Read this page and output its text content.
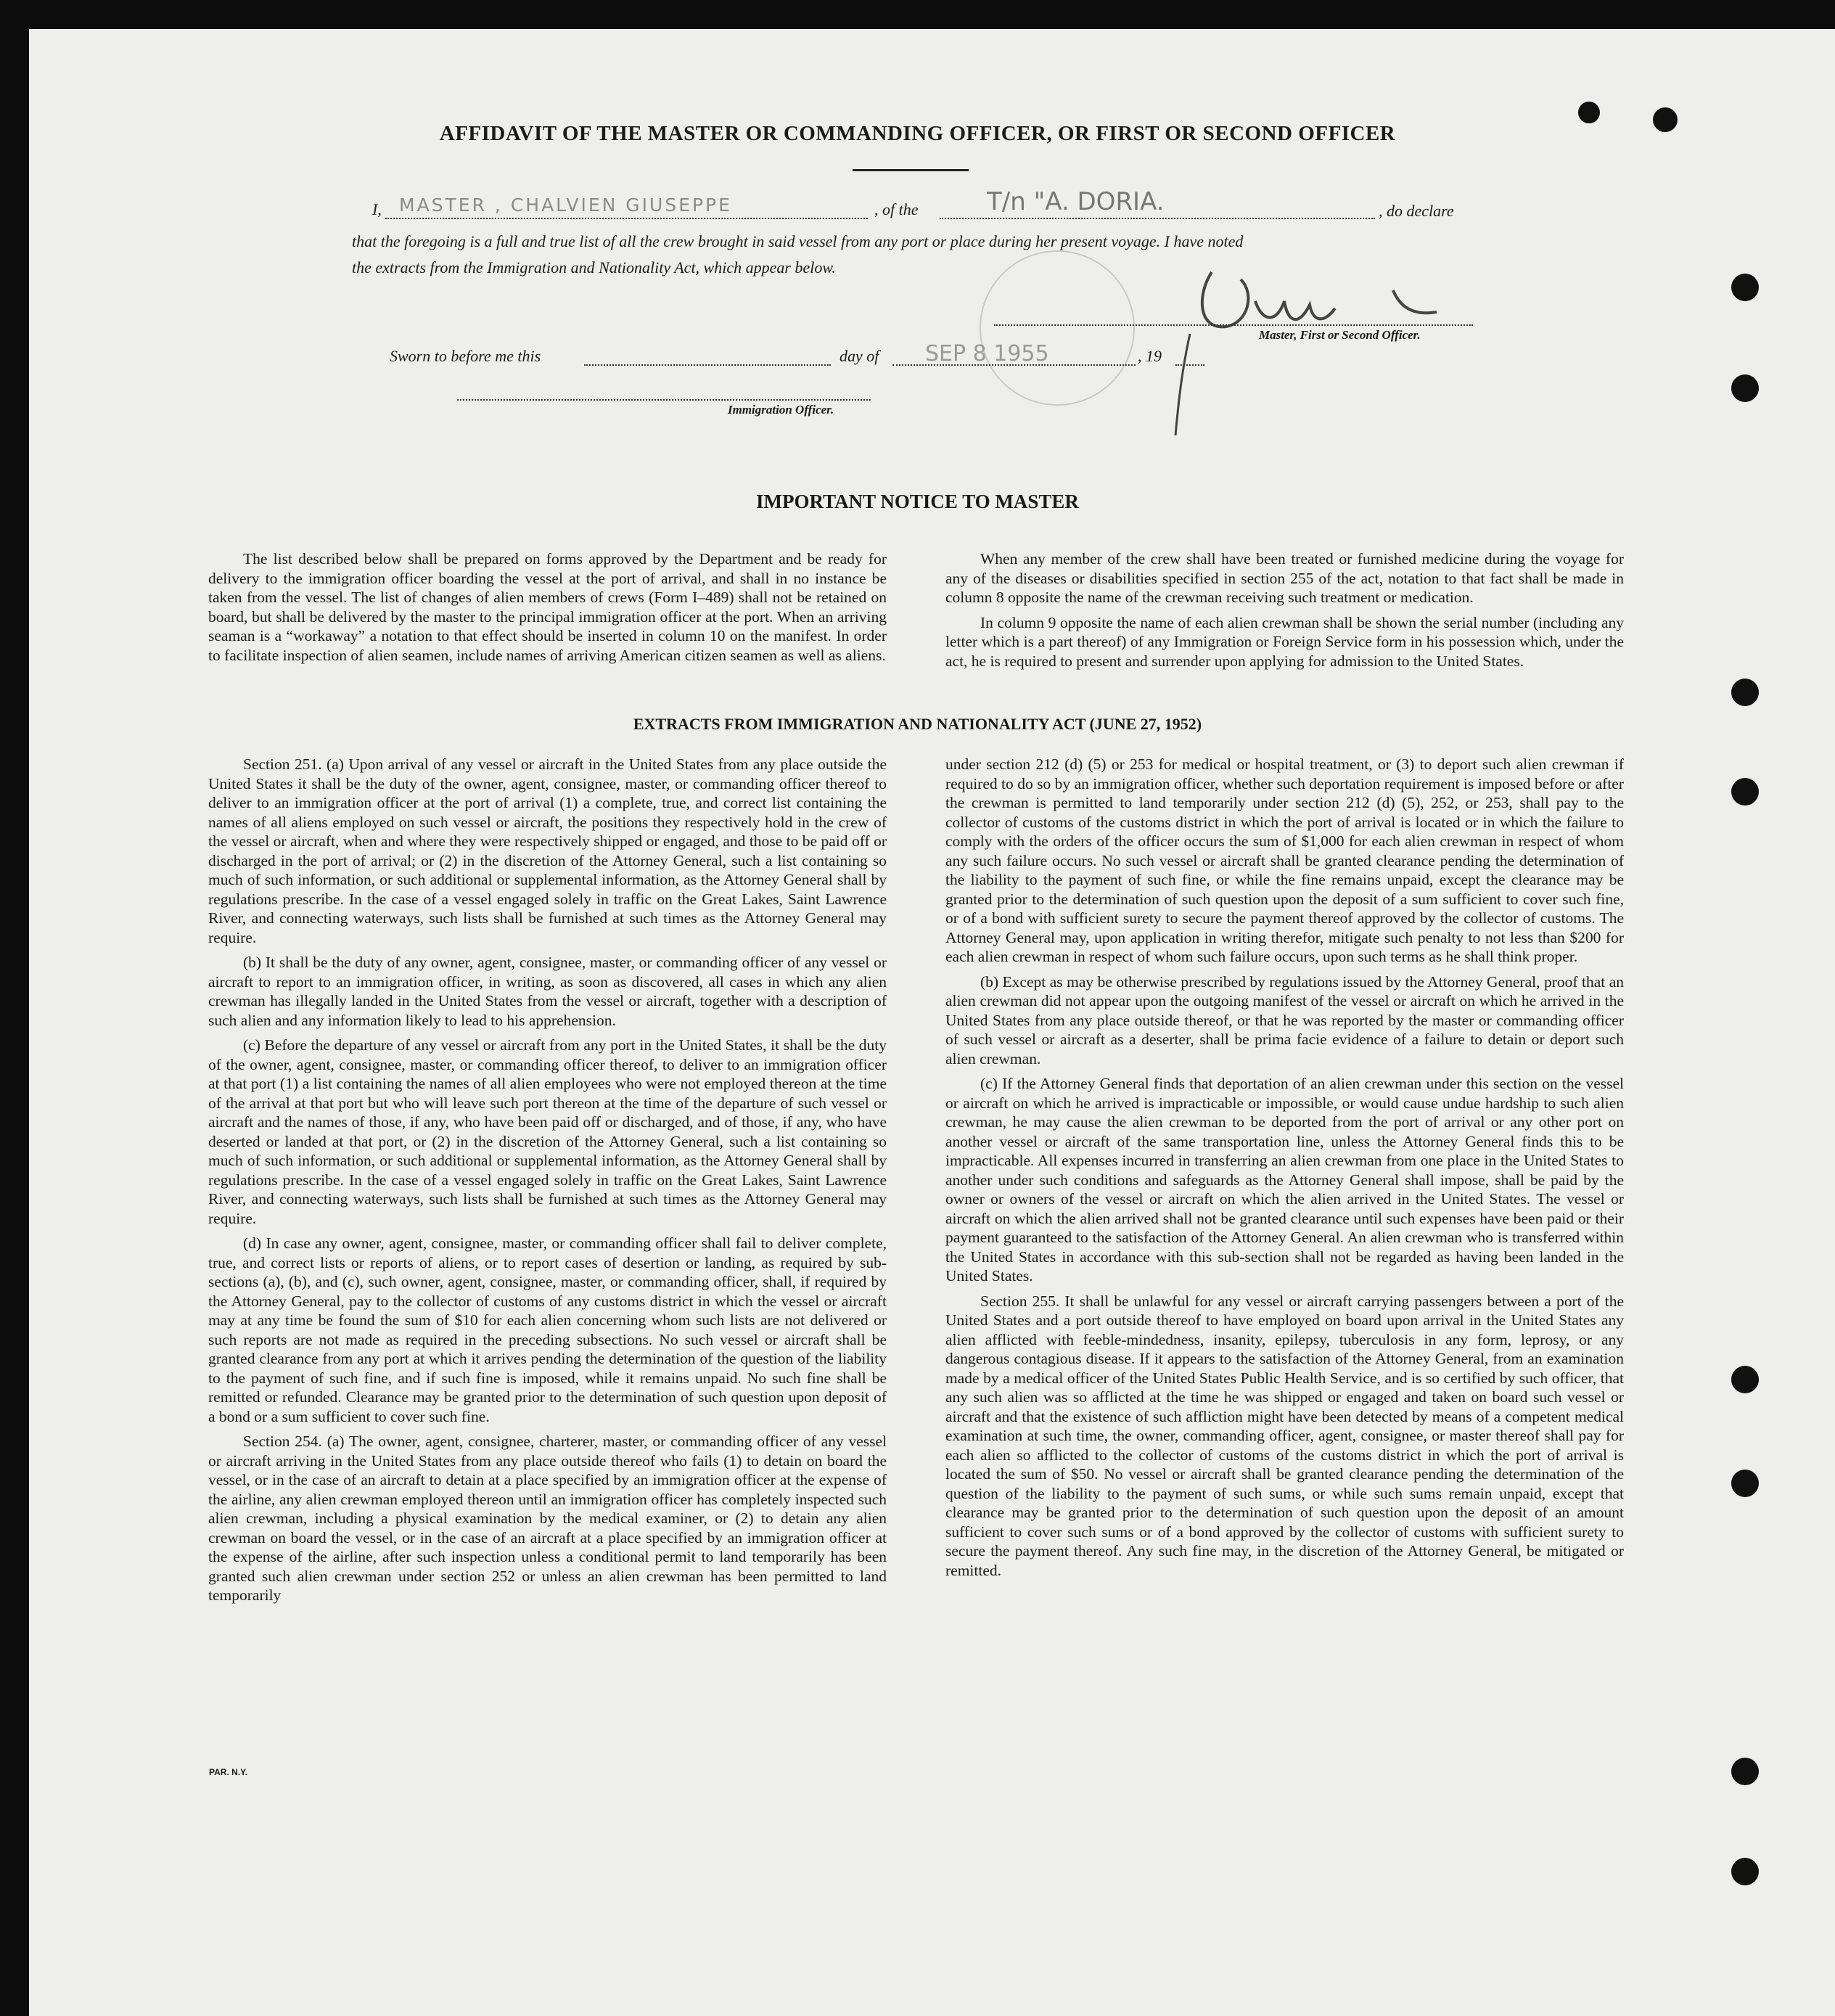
AFFIDAVIT OF THE MASTER OR COMMANDING OFFICER, OR FIRST OR SECOND OFFICER
I, MASTER , CHALVIEN GIUSEPPE	, of the	T/n "A. DORIA.	, do declare
that the foregoing is a full and true list of all the crew brought in said vessel from any port or place during her present voyage. I have noted
the extracts from the Immigration and Nationality Act, which appear below.
Master, First or Second Officer.
Sworn to before me this	day of SEP 8 1955	, 19
Immigration Officer.
IMPORTANT NOTICE TO MASTER

The list described below shall be prepared on forms approved by the Department and be ready for delivery to the immigration officer boarding the vessel at the port of arrival, and shall in no instance be taken from the vessel. The list of changes of alien members of crews (Form I–489) shall not be retained on board, but shall be delivered by the master to the principal immigration officer at the port. When an arriving seaman is a “workaway” a notation to that effect should be inserted in column 10 on the manifest. In order to facilitate inspection of alien seamen, include names of arriving American citizen seamen as well as aliens.

When any member of the crew shall have been treated or furnished medicine during the voyage for any of the diseases or disabilities specified in section 255 of the act, notation to that fact shall be made in column 8 opposite the name of the crewman receiving such treatment or medication.

In column 9 opposite the name of each alien crewman shall be shown the serial number (including any letter which is a part thereof) of any Immigration or Foreign Service form in his possession which, under the act, he is required to present and surrender upon applying for admission to the United States.

EXTRACTS FROM IMMIGRATION AND NATIONALITY ACT (JUNE 27, 1952)

Section 251. (a) Upon arrival of any vessel or aircraft in the United States from any place outside the United States it shall be the duty of the owner, agent, consignee, master, or commanding officer thereof to deliver to an immigration officer at the port of arrival (1) a complete, true, and correct list containing the names of all aliens employed on such vessel or aircraft, the positions they respectively hold in the crew of the vessel or aircraft, when and where they were respectively shipped or engaged, and those to be paid off or discharged in the port of arrival; or (2) in the discretion of the Attorney General, such a list containing so much of such information, or such additional or supplemental information, as the Attorney General shall by regulations prescribe. In the case of a vessel engaged solely in traffic on the Great Lakes, Saint Lawrence River, and connecting waterways, such lists shall be furnished at such times as the Attorney General may require.

(b) It shall be the duty of any owner, agent, consignee, master, or commanding officer of any vessel or aircraft to report to an immigration officer, in writing, as soon as discovered, all cases in which any alien crewman has illegally landed in the United States from the vessel or aircraft, together with a description of such alien and any information likely to lead to his apprehension.

(c) Before the departure of any vessel or aircraft from any port in the United States, it shall be the duty of the owner, agent, consignee, master, or commanding officer thereof, to deliver to an immigration officer at that port (1) a list containing the names of all alien employees who were not employed thereon at the time of the arrival at that port but who will leave such port thereon at the time of the departure of such vessel or aircraft and the names of those, if any, who have been paid off or discharged, and of those, if any, who have deserted or landed at that port, or (2) in the discretion of the Attorney General, such a list containing so much of such information, or such additional or supplemental information, as the Attorney General shall by regulations prescribe. In the case of a vessel engaged solely in traffic on the Great Lakes, Saint Lawrence River, and connecting waterways, such lists shall be furnished at such times as the Attorney General may require.

(d) In case any owner, agent, consignee, master, or commanding officer shall fail to deliver complete, true, and correct lists or reports of aliens, or to report cases of desertion or landing, as required by sub-sections (a), (b), and (c), such owner, agent, consignee, master, or commanding officer, shall, if required by the Attorney General, pay to the collector of customs of any customs district in which the vessel or aircraft may at any time be found the sum of $10 for each alien concerning whom such lists are not delivered or such reports are not made as required in the preceding subsections. No such vessel or aircraft shall be granted clearance from any port at which it arrives pending the determination of the question of the liability to the payment of such fine, and if such fine is imposed, while it remains unpaid. No such fine shall be remitted or refunded. Clearance may be granted prior to the determination of such question upon deposit of a bond or a sum sufficient to cover such fine.

Section 254. (a) The owner, agent, consignee, charterer, master, or commanding officer of any vessel or aircraft arriving in the United States from any place outside thereof who fails (1) to detain on board the vessel, or in the case of an aircraft to detain at a place specified by an immigration officer at the expense of the airline, any alien crewman employed thereon until an immigration officer has completely inspected such alien crewman, including a physical examination by the medical examiner, or (2) to detain any alien crewman on board the vessel, or in the case of an aircraft at a place specified by an immigration officer at the expense of the airline, after such inspection unless a conditional permit to land temporarily has been granted such alien crewman under section 252 or unless an alien crewman has been permitted to land temporarily

under section 212 (d) (5) or 253 for medical or hospital treatment, or (3) to deport such alien crewman if required to do so by an immigration officer, whether such deportation requirement is imposed before or after the crewman is permitted to land temporarily under section 212 (d) (5), 252, or 253, shall pay to the collector of customs of the customs district in which the port of arrival is located or in which the failure to comply with the orders of the officer occurs the sum of $1,000 for each alien crewman in respect of whom any such failure occurs. No such vessel or aircraft shall be granted clearance pending the determination of the liability to the payment of such fine, or while the fine remains unpaid, except the clearance may be granted prior to the determination of such question upon the deposit of a sum sufficient to cover such fine, or of a bond with sufficient surety to secure the payment thereof approved by the collector of customs. The Attorney General may, upon application in writing therefor, mitigate such penalty to not less than $200 for each alien crewman in respect of whom such failure occurs, upon such terms as he shall think proper.

(b) Except as may be otherwise prescribed by regulations issued by the Attorney General, proof that an alien crewman did not appear upon the outgoing manifest of the vessel or aircraft on which he arrived in the United States from any place outside thereof, or that he was reported by the master or commanding officer of such vessel or aircraft as a deserter, shall be prima facie evidence of a failure to detain or deport such alien crewman.

(c) If the Attorney General finds that deportation of an alien crewman under this section on the vessel or aircraft on which he arrived is impracticable or impossible, or would cause undue hardship to such alien crewman, he may cause the alien crewman to be deported from the port of arrival or any other port on another vessel or aircraft of the same transportation line, unless the Attorney General finds this to be impracticable. All expenses incurred in transferring an alien crewman from one place in the United States to another under such conditions and safeguards as the Attorney General shall impose, shall be paid by the owner or owners of the vessel or aircraft on which the alien arrived in the United States. The vessel or aircraft on which the alien arrived shall not be granted clearance until such expenses have been paid or their payment guaranteed to the satisfaction of the Attorney General. An alien crewman who is transferred within the United States in accordance with this sub-section shall not be regarded as having been landed in the United States.

Section 255. It shall be unlawful for any vessel or aircraft carrying passengers between a port of the United States and a port outside thereof to have employed on board upon arrival in the United States any alien afflicted with feeble-mindedness, insanity, epilepsy, tuberculosis in any form, leprosy, or any dangerous contagious disease. If it appears to the satisfaction of the Attorney General, from an examination made by a medical officer of the United States Public Health Service, and is so certified by such officer, that any such alien was so afflicted at the time he was shipped or engaged and taken on board such vessel or aircraft and that the existence of such affliction might have been detected by means of a competent medical examination at such time, the owner, commanding officer, agent, consignee, or master thereof shall pay for each alien so afflicted to the collector of customs of the customs district in which the port of arrival is located the sum of $50. No vessel or aircraft shall be granted clearance pending the determination of the question of the liability to the payment of such sums, or while such sums remain unpaid, except that clearance may be granted prior to the determination of such question upon the deposit of an amount sufficient to cover such sums or of a bond approved by the collector of customs with sufficient surety to secure the payment thereof. Any such fine may, in the discretion of the Attorney General, be mitigated or remitted.

PAR. N.Y.
